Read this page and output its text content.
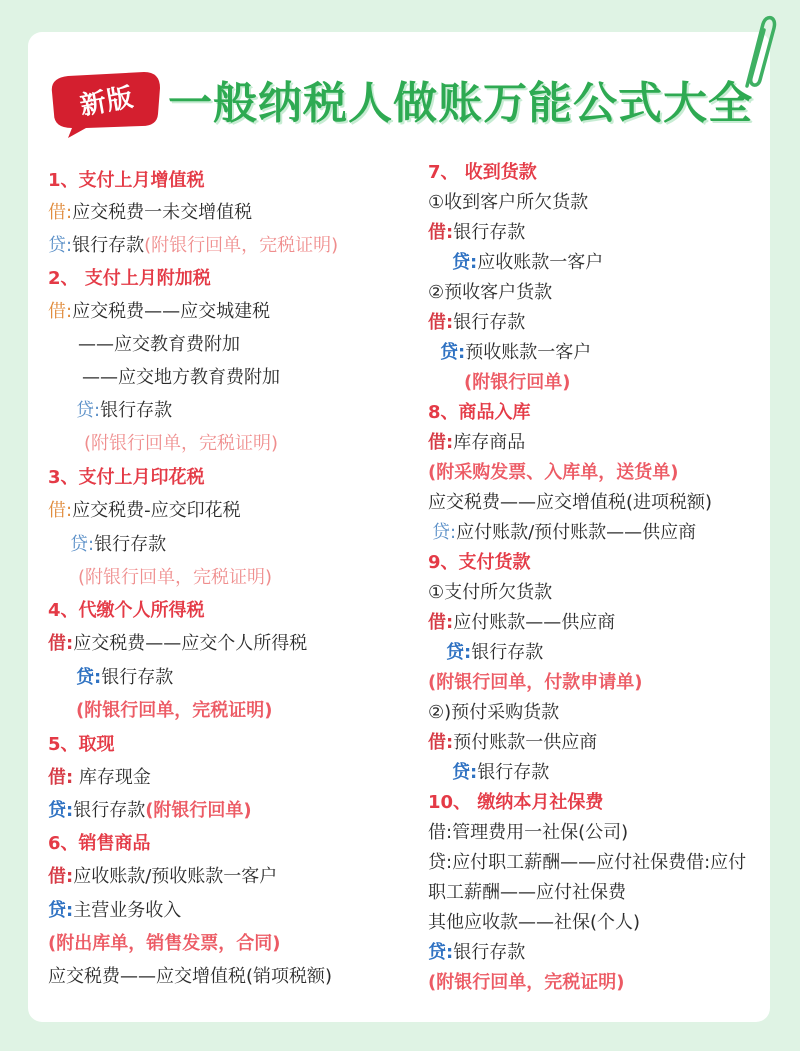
新版 一般纳税人做账万能公式大全
1、支付上月增值税
借:应交税费一未交增值税
贷:银行存款(附银行回单，完税证明)
2、 支付上月附加税
借:应交税费——应交城建税
——应交教育费附加
——应交地方教育费附加
贷:银行存款
(附银行回单，完税证明)
3、支付上月印花税
借:应交税费-应交印花税
贷:银行存款
(附银行回单，完税证明)
4、代缴个人所得税
借:应交税费——应交个人所得税
贷:银行存款
(附银行回单，完税证明)
5、取现
借: 库存现金
贷:银行存款(附银行回单)
6、销售商品
借:应收账款/预收账款一客户
贷:主营业务收入
(附出库单，销售发票，合同)
应交税费——应交增值税(销项税额)
7、 收到货款
①收到客户所欠货款
借:银行存款
贷:应收账款一客户
②预收客户货款
借:银行存款
贷:预收账款一客户
(附银行回单)
8、商品入库
借:库存商品
(附采购发票、入库单，送货单)
应交税费——应交增值税(进项税额)
贷:应付账款/预付账款——供应商
9、支付货款
①支付所欠货款
借:应付账款——供应商
贷:银行存款
(附银行回单，付款申请单)
②)预付采购货款
借:预付账款一供应商
贷:银行存款
10、 缴纳本月社保费
借:管理费用一社保(公司)
贷:应付职工薪酬——应付社保费借:应付
职工薪酬——应付社保费
其他应收款——社保(个人)
贷:银行存款
(附银行回单，完税证明)
